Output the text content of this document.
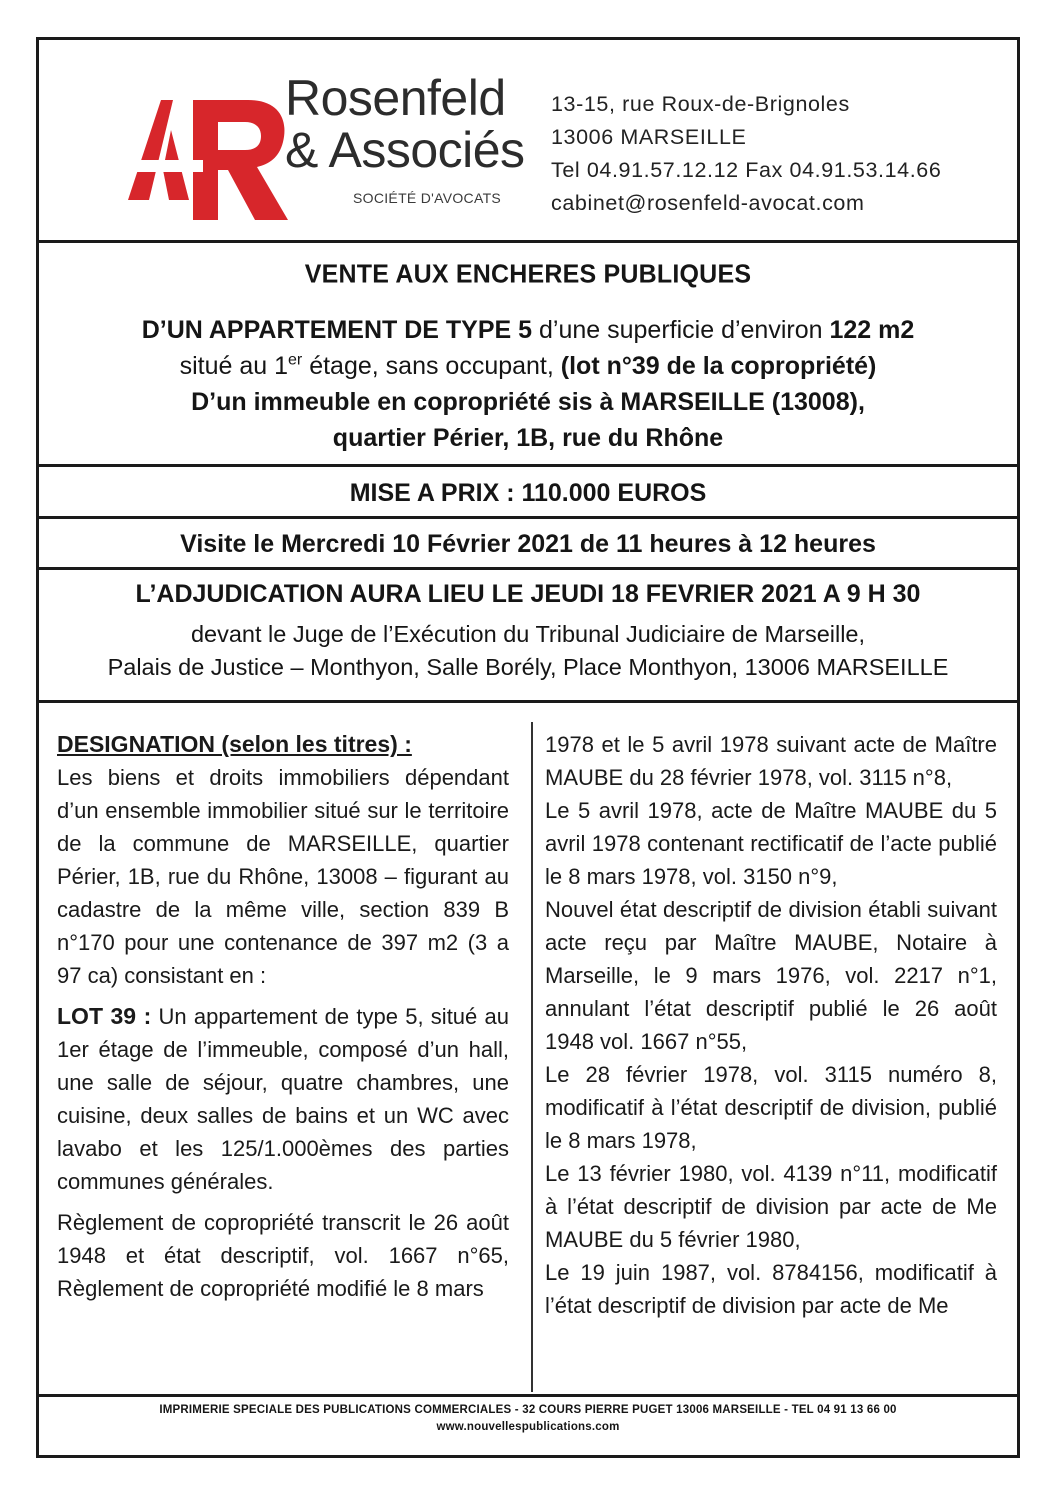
Rosenfeld
& Associés
SOCIÉTÉ D'AVOCATS
13-15, rue Roux-de-Brignoles
13006 MARSEILLE
Tel 04.91.57.12.12 Fax 04.91.53.14.66
cabinet@rosenfeld-avocat.com
VENTE AUX ENCHERES PUBLIQUES
D’UN APPARTEMENT DE TYPE 5 d’une superficie d’environ 122 m2
situé au 1er étage, sans occupant, (lot n°39 de la copropriété)
D’un immeuble en copropriété sis à MARSEILLE (13008),
quartier Périer, 1B, rue du Rhône
MISE A PRIX : 110.000 EUROS
Visite le Mercredi 10 Février 2021 de 11 heures à 12 heures
L’ADJUDICATION AURA LIEU LE JEUDI 18 FEVRIER 2021 A 9 H 30
devant le Juge de l’Exécution du Tribunal Judiciaire de Marseille,
Palais de Justice – Monthyon, Salle Borély, Place Monthyon, 13006 MARSEILLE

DESIGNATION (selon les titres) :
Les biens et droits immobiliers dépendant d’un ensemble immobilier situé sur le territoire de la commune de MARSEILLE, quartier Périer, 1B, rue du Rhône, 13008 – figurant au cadastre de la même ville, section 839 B n°170 pour une contenance de 397 m2 (3 a 97 ca) consistant en :

LOT 39 : Un appartement de type 5, situé au 1er étage de l’immeuble, composé d’un hall, une salle de séjour, quatre chambres, une cuisine, deux salles de bains et un WC avec lavabo et les 125/1.000èmes des parties communes générales.

Règlement de copropriété transcrit le 26 août 1948 et état descriptif, vol. 1667 n°65, Règlement de copropriété modifié le 8 mars

1978 et le 5 avril 1978 suivant acte de Maître MAUBE du 28 février 1978, vol. 3115 n°8,
Le 5 avril 1978, acte de Maître MAUBE du 5 avril 1978 contenant rectificatif de l’acte publié le 8 mars 1978, vol. 3150 n°9,
Nouvel état descriptif de division établi suivant acte reçu par Maître MAUBE, Notaire à Marseille, le 9 mars 1976, vol. 2217 n°1, annulant l’état descriptif publié le 26 août 1948 vol. 1667 n°55,
Le 28 février 1978, vol. 3115 numéro 8, modificatif à l’état descriptif de division, publié le 8 mars 1978,
Le 13 février 1980, vol. 4139 n°11, modificatif à l’état descriptif de division par acte de Me MAUBE du 5 février 1980,
Le 19 juin 1987, vol. 8784156, modificatif à l’état descriptif de division par acte de Me
IMPRIMERIE SPECIALE DES PUBLICATIONS COMMERCIALES - 32 COURS PIERRE PUGET 13006 MARSEILLE - TEL 04 91 13 66 00
www.nouvellespublications.com
